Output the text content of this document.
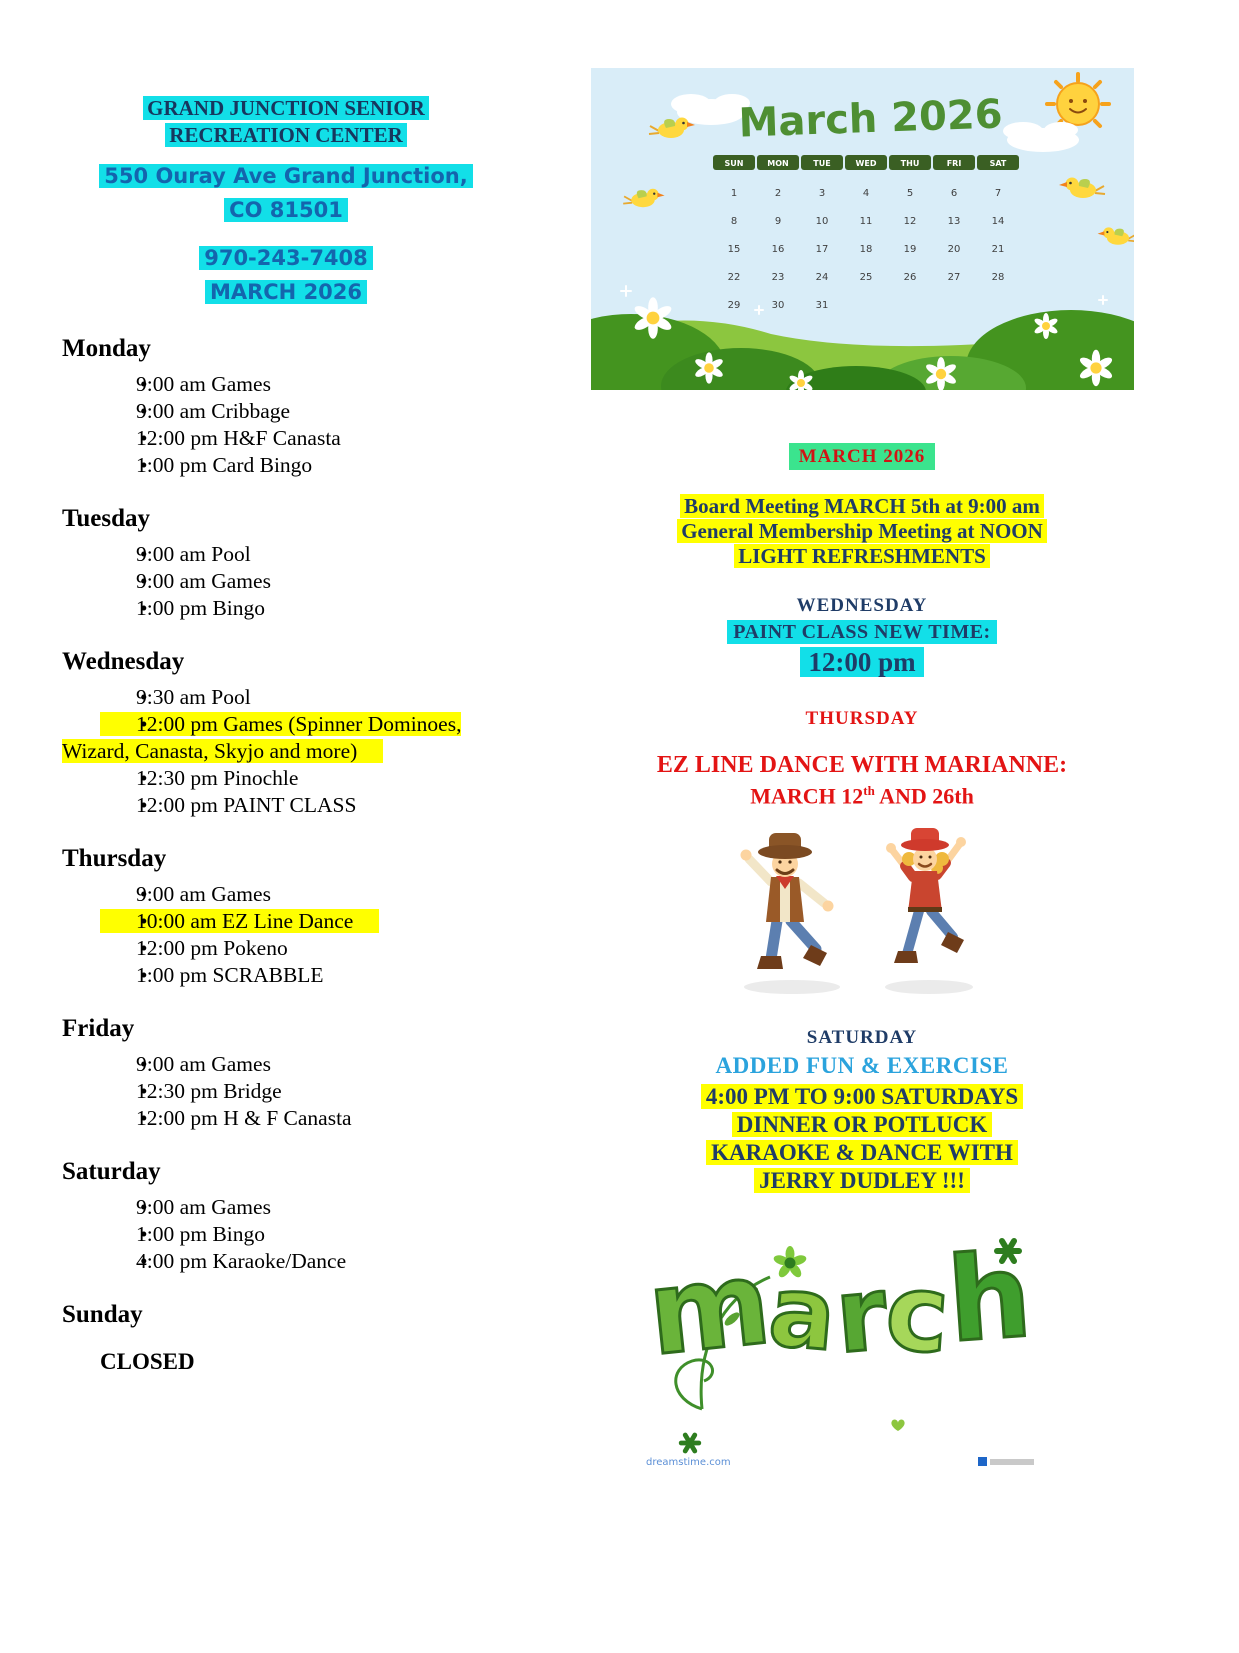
GRAND JUNCTION SENIOR
RECREATION CENTER
550 Ouray Ave Grand Junction,
CO 81501
970-243-7408
MARCH 2026
Monday
• 9:00 am Games
• 9:00 am Cribbage
• 12:00 pm H&F Canasta
• 1:00 pm Card Bingo
Tuesday
• 9:00 am Pool
• 9:00 am Games
• 1:00 pm Bingo
Wednesday
• 9:30 am Pool
• 12:00 pm Games (Spinner Dominoes, Wizard, Canasta, Skyjo and more)
• 12:30 pm Pinochle
• 12:00 pm PAINT CLASS
Thursday
• 9:00 am Games
• 10:00 am EZ Line Dance
• 12:00 pm Pokeno
• 1:00 pm SCRABBLE
Friday
• 9:00 am Games
• 12:30 pm Bridge
• 12:00 pm H & F Canasta
Saturday
• 9:00 am Games
• 1:00 pm Bingo
• 4:00 pm Karaoke/Dance
Sunday
CLOSED
March 2026
SUN	MON	TUE	WED	THU	FRI	SAT
1	2	3	4	5	6	7
8	9	10	11	12	13	14
15	16	17	18	19	20	21
22	23	24	25	26	27	28
29	30	31
MARCH 2026
Board Meeting MARCH 5th at 9:00 am
General Membership Meeting at NOON
LIGHT REFRESHMENTS
WEDNESDAY
PAINT CLASS NEW TIME:
12:00 pm
THURSDAY
EZ LINE DANCE WITH MARIANNE:
MARCH 12th AND 26th
SATURDAY
ADDED FUN & EXERCISE
4:00 PM TO 9:00 SATURDAYS
DINNER OR POTLUCK
KARAOKE & DANCE WITH
JERRY DUDLEY !!!
m
a
r
c
h
dreamstime.com
